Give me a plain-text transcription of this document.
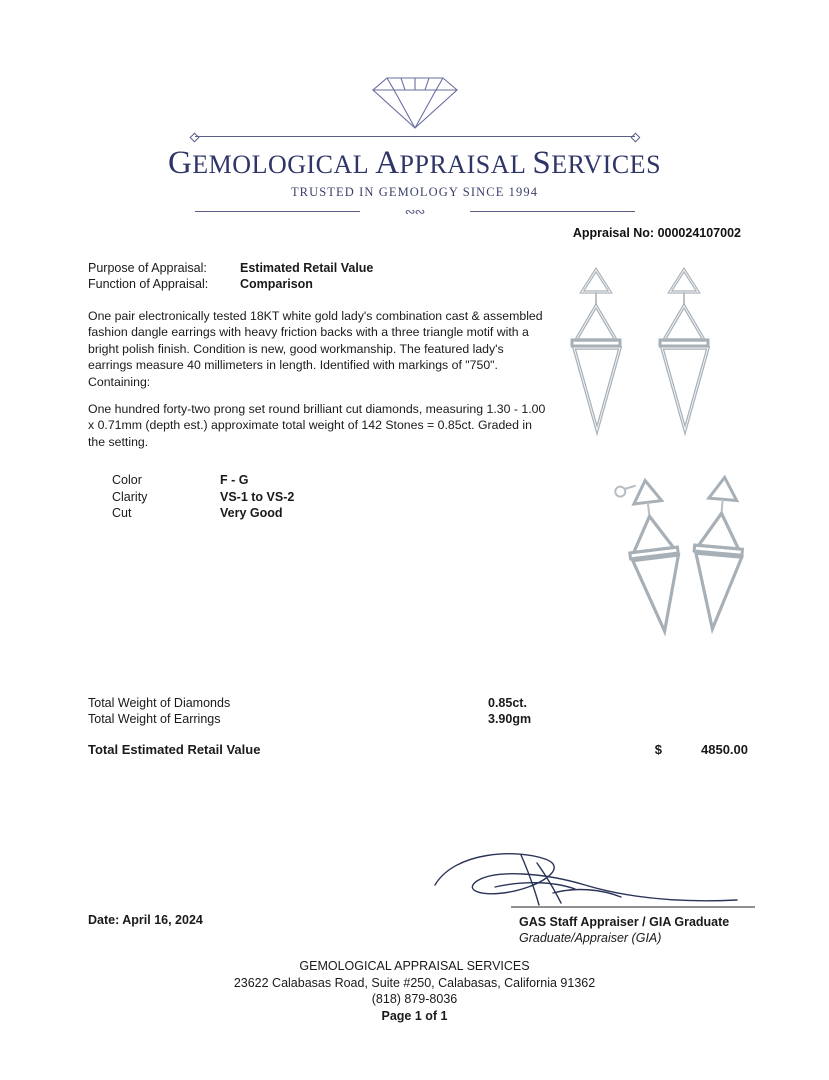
GEMOLOGICAL APPRAISAL SERVICES
TRUSTED IN GEMOLOGY SINCE 1994
∾∾
Appraisal No: 000024107002
Purpose of Appraisal:	Estimated Retail Value
Function of Appraisal:	Comparison
One pair electronically tested 18KT white gold lady's combination cast & assembled fashion dangle earrings with heavy friction backs with a three triangle motif with a bright polish finish. Condition is new, good workmanship. The featured lady's earrings measure 40 millimeters in length. Identified with markings of "750". Containing:
One hundred forty-two prong set round brilliant cut diamonds, measuring 1.30 - 1.00 x 0.71mm (depth est.) approximate total weight of 142 Stones = 0.85ct. Graded in the setting.
Color	F - G
Clarity	VS-1 to VS-2
Cut	Very Good
Total Weight of Diamonds	0.85ct.
Total Weight of Earrings	3.90gm
Total Estimated Retail Value	$	4850.00
GAS Staff Appraiser / GIA Graduate
Graduate/Appraiser (GIA)
Date: April 16, 2024
GEMOLOGICAL APPRAISAL SERVICES
23622 Calabasas Road, Suite #250, Calabasas, California 91362
(818) 879-8036
Page 1 of 1
